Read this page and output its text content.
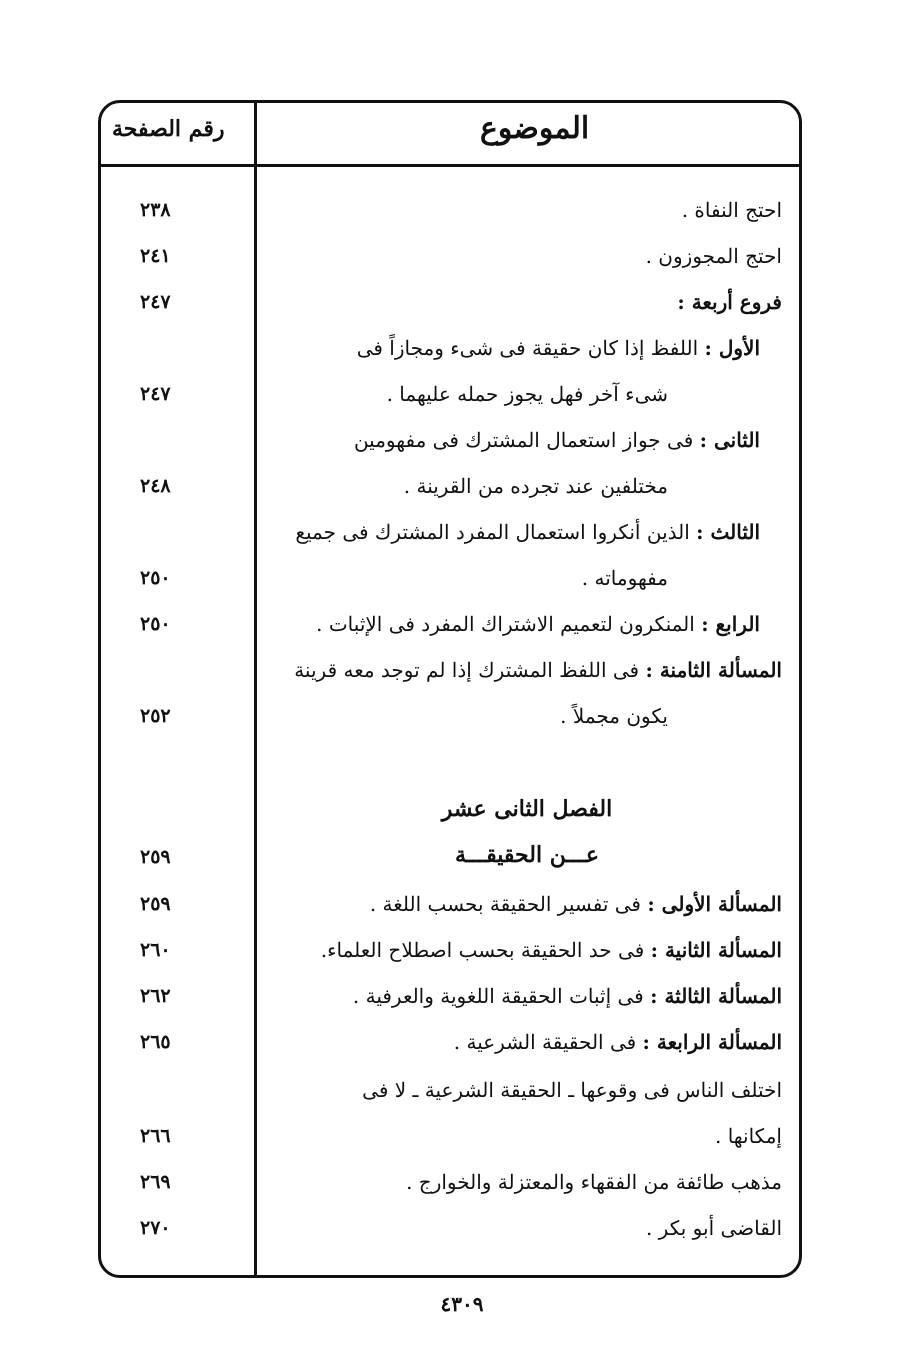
الموضوع
رقم الصفحة
احتج النفاة .
٢٣٨
احتج المجوزون .
٢٤١
فروع أربعة :
٢٤٧
الأول : اللفظ إذا كان حقيقة فى شىء ومجازاً فى
شىء آخر فهل يجوز حمله عليهما .
٢٤٧
الثانى : فى جواز استعمال المشترك فى مفهومين
مختلفين عند تجرده من القرينة .
٢٤٨
الثالث : الذين أنكروا استعمال المفرد المشترك فى جميع
مفهوماته .
٢٥٠
الرابع : المنكرون لتعميم الاشتراك المفرد فى الإثبات .
٢٥٠
المسألة الثامنة : فى اللفظ المشترك إذا لم توجد معه قرينة
يكون مجملاً .
٢٥٢
الفصل الثانى عشر
عـــن الحقيقـــة
٢٥٩
المسألة الأولى : فى تفسير الحقيقة بحسب اللغة .
٢٥٩
المسألة الثانية : فى حد الحقيقة بحسب اصطلاح العلماء.
٢٦٠
المسألة الثالثة : فى إثبات الحقيقة اللغوية والعرفية .
٢٦٢
المسألة الرابعة : فى الحقيقة الشرعية .
٢٦٥
اختلف الناس فى وقوعها ـ الحقيقة الشرعية ـ لا فى
إمكانها .
٢٦٦
مذهب طائفة من الفقهاء والمعتزلة والخوارج .
٢٦٩
القاضى أبو بكر .
٢٧٠
٤٣٠٩
